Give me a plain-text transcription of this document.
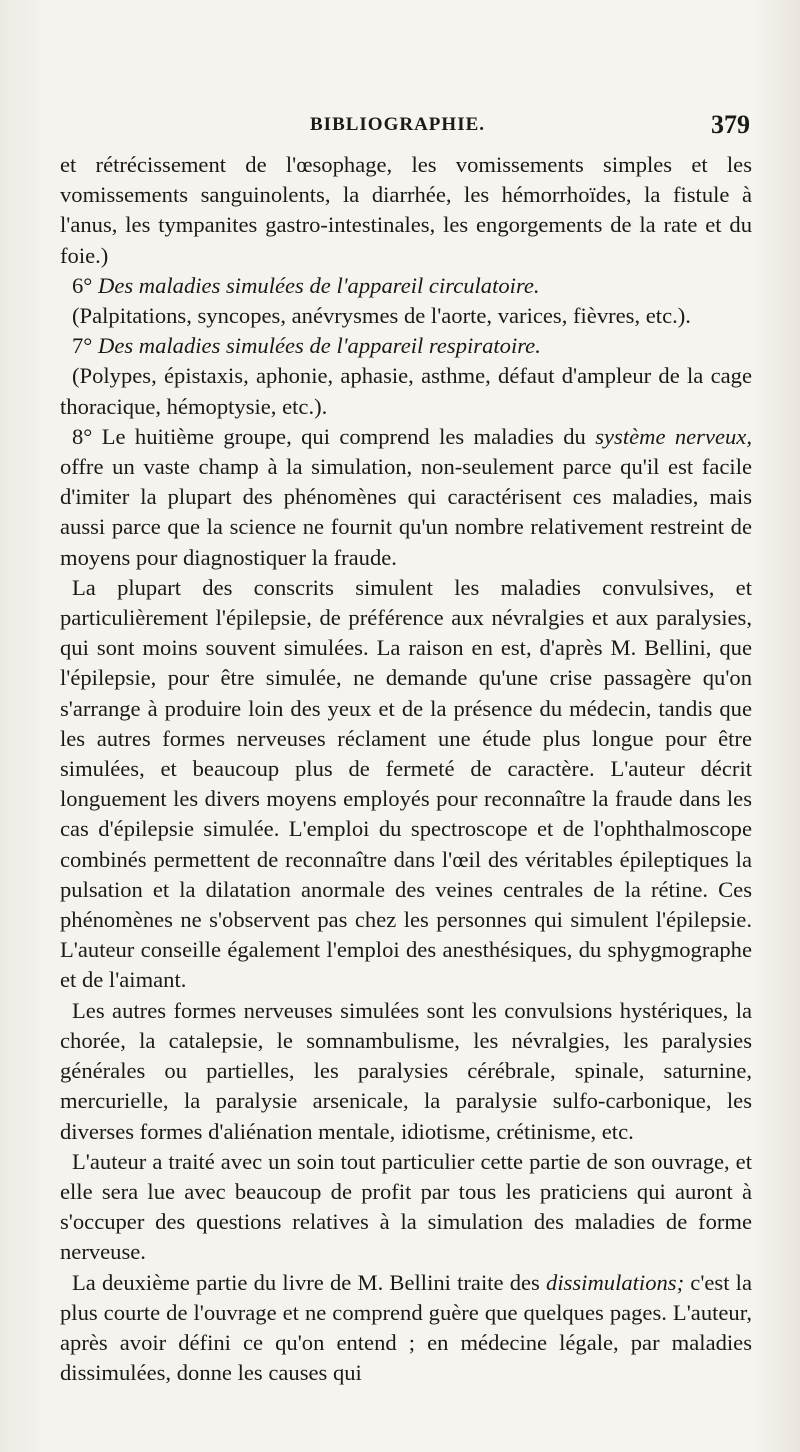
BIBLIOGRAPHIE.	379

et rétrécissement de l'œsophage, les vomissements simples et les vomissements sanguinolents, la diarrhée, les hémorrhoïdes, la fistule à l'anus, les tympanites gastro-intestinales, les engorgements de la rate et du foie.)

6° Des maladies simulées de l'appareil circulatoire.

(Palpitations, syncopes, anévrysmes de l'aorte, varices, fièvres, etc.).

7° Des maladies simulées de l'appareil respiratoire.

(Polypes, épistaxis, aphonie, aphasie, asthme, défaut d'ampleur de la cage thoracique, hémoptysie, etc.).

8° Le huitième groupe, qui comprend les maladies du système nerveux, offre un vaste champ à la simulation, non-seulement parce qu'il est facile d'imiter la plupart des phénomènes qui caractérisent ces maladies, mais aussi parce que la science ne fournit qu'un nombre relativement restreint de moyens pour diagnostiquer la fraude.

La plupart des conscrits simulent les maladies convulsives, et particulièrement l'épilepsie, de préférence aux névralgies et aux paralysies, qui sont moins souvent simulées. La raison en est, d'après M. Bellini, que l'épilepsie, pour être simulée, ne demande qu'une crise passagère qu'on s'arrange à produire loin des yeux et de la présence du médecin, tandis que les autres formes nerveuses réclament une étude plus longue pour être simulées, et beaucoup plus de fermeté de caractère. L'auteur décrit longuement les divers moyens employés pour reconnaître la fraude dans les cas d'épilepsie simulée. L'emploi du spectroscope et de l'ophthalmoscope combinés permettent de reconnaître dans l'œil des véritables épileptiques la pulsation et la dilatation anormale des veines centrales de la rétine. Ces phénomènes ne s'observent pas chez les personnes qui simulent l'épilepsie. L'auteur conseille également l'emploi des anesthésiques, du sphygmographe et de l'aimant.

Les autres formes nerveuses simulées sont les convulsions hystériques, la chorée, la catalepsie, le somnambulisme, les névralgies, les paralysies générales ou partielles, les paralysies cérébrale, spinale, saturnine, mercurielle, la paralysie arsenicale, la paralysie sulfo-carbonique, les diverses formes d'aliénation mentale, idiotisme, crétinisme, etc.

L'auteur a traité avec un soin tout particulier cette partie de son ouvrage, et elle sera lue avec beaucoup de profit par tous les praticiens qui auront à s'occuper des questions relatives à la simulation des maladies de forme nerveuse.

La deuxième partie du livre de M. Bellini traite des dissimulations; c'est la plus courte de l'ouvrage et ne comprend guère que quelques pages. L'auteur, après avoir défini ce qu'on entend ; en médecine légale, par maladies dissimulées, donne les causes qui
